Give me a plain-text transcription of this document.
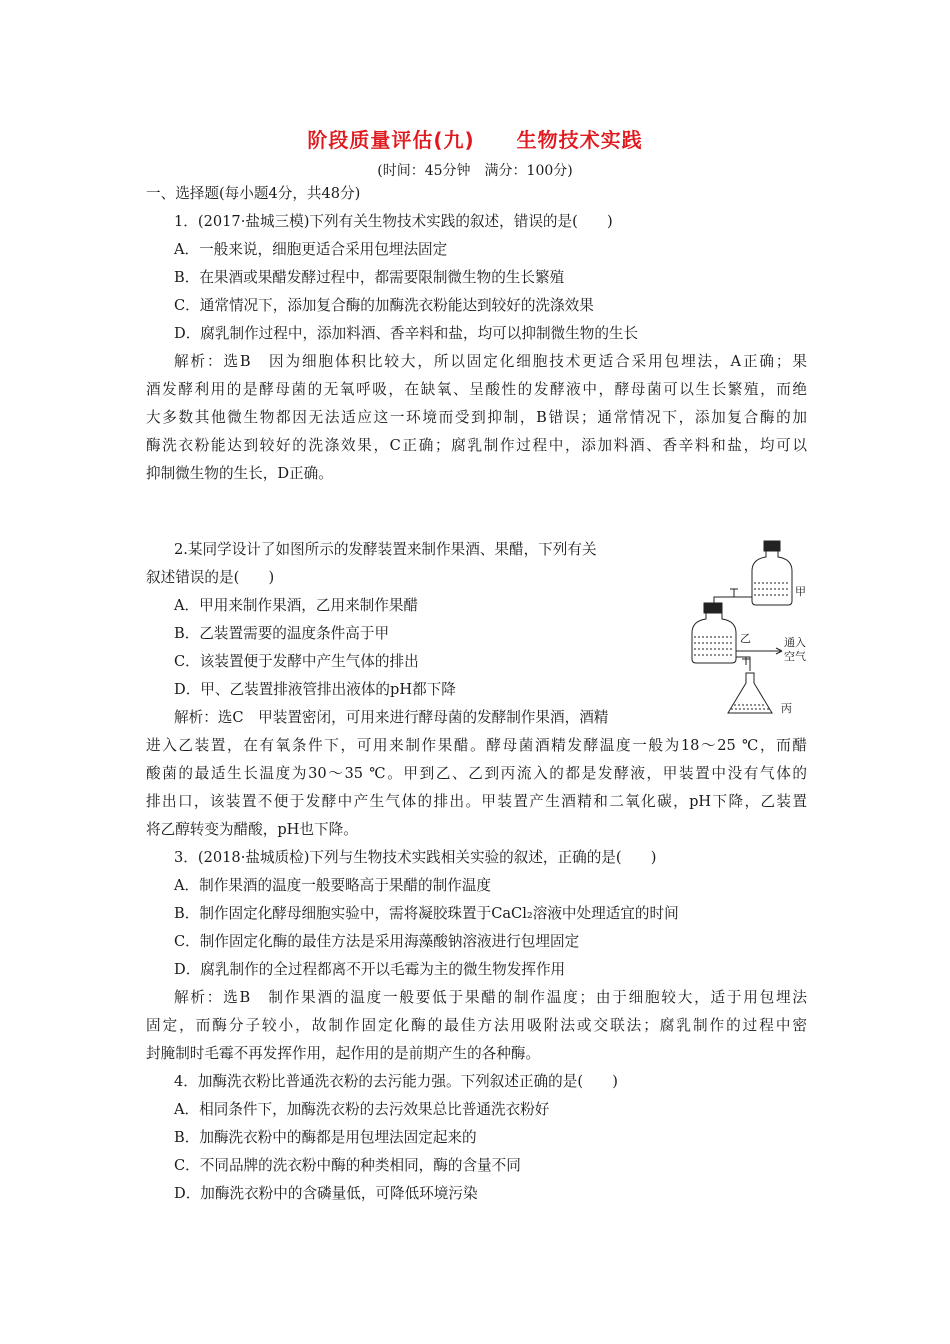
阶段质量评估(九)　　生物技术实践
(时间：45分钟　满分：100分)
一、选择题(每小题4分，共48分)
1．(2017·盐城三模)下列有关生物技术实践的叙述，错误的是(　　)
A．一般来说，细胞更适合采用包埋法固定
B．在果酒或果醋发酵过程中，都需要限制微生物的生长繁殖
C．通常情况下，添加复合酶的加酶洗衣粉能达到较好的洗涤效果
D．腐乳制作过程中，添加料酒、香辛料和盐，均可以抑制微生物的生长
解析：选B　因为细胞体积比较大，所以固定化细胞技术更适合采用包埋法，A正确；果
酒发酵利用的是酵母菌的无氧呼吸，在缺氧、呈酸性的发酵液中，酵母菌可以生长繁殖，而绝
大多数其他微生物都因无法适应这一环境而受到抑制，B错误；通常情况下，添加复合酶的加
酶洗衣粉能达到较好的洗涤效果，C正确；腐乳制作过程中，添加料酒、香辛料和盐，均可以
抑制微生物的生长，D正确。
2.某同学设计了如图所示的发酵装置来制作果酒、果醋，下列有关
叙述错误的是(　　)
A．甲用来制作果酒，乙用来制作果醋
B．乙装置需要的温度条件高于甲
C．该装置便于发酵中产生气体的排出
D．甲、乙装置排液管排出液体的pH都下降
解析：选C　甲装置密闭，可用来进行酵母菌的发酵制作果酒，酒精
进入乙装置，在有氧条件下，可用来制作果醋。酵母菌酒精发酵温度一般为18～25 ℃，而醋
酸菌的最适生长温度为30～35 ℃。甲到乙、乙到丙流入的都是发酵液，甲装置中没有气体的
排出口，该装置不便于发酵中产生气体的排出。甲装置产生酒精和二氧化碳，pH下降，乙装置
将乙醇转变为醋酸，pH也下降。
甲
乙	通入
空气
丙
3．(2018·盐城质检)下列与生物技术实践相关实验的叙述，正确的是(　　)
A．制作果酒的温度一般要略高于果醋的制作温度
B．制作固定化酵母细胞实验中，需将凝胶珠置于CaCl₂溶液中处理适宜的时间
C．制作固定化酶的最佳方法是采用海藻酸钠溶液进行包埋固定
D．腐乳制作的全过程都离不开以毛霉为主的微生物发挥作用
解析：选B　制作果酒的温度一般要低于果醋的制作温度；由于细胞较大，适于用包埋法
固定，而酶分子较小，故制作固定化酶的最佳方法用吸附法或交联法；腐乳制作的过程中密
封腌制时毛霉不再发挥作用，起作用的是前期产生的各种酶。
4．加酶洗衣粉比普通洗衣粉的去污能力强。下列叙述正确的是(　　)
A．相同条件下，加酶洗衣粉的去污效果总比普通洗衣粉好
B．加酶洗衣粉中的酶都是用包埋法固定起来的
C．不同品牌的洗衣粉中酶的种类相同，酶的含量不同
D．加酶洗衣粉中的含磷量低，可降低环境污染
